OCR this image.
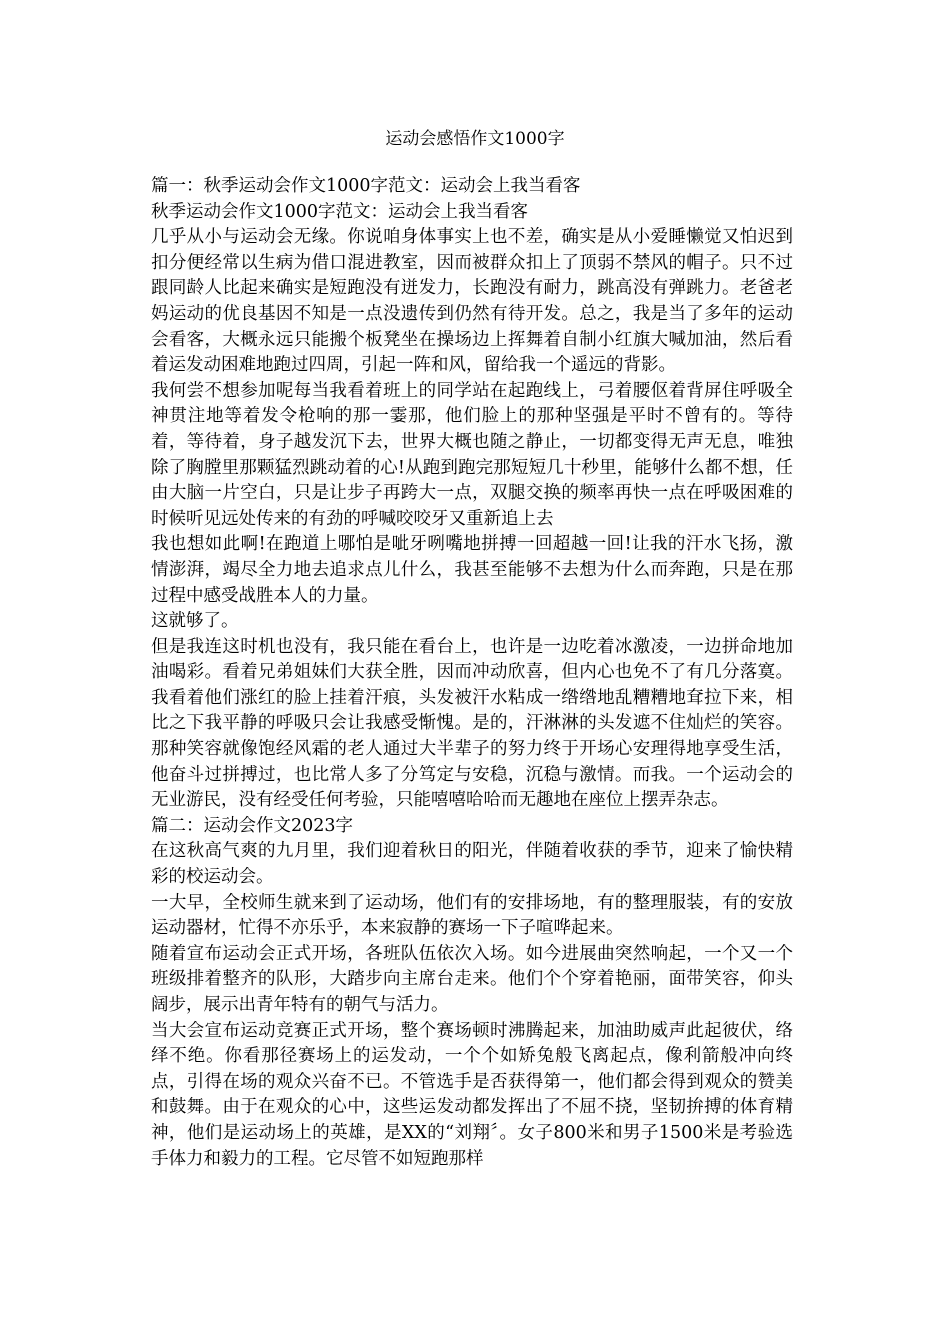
运动会感悟作文1000字

篇一：秋季运动会作文1000字范文：运动会上我当看客

秋季运动会作文1000字范文：运动会上我当看客

几乎从小与运动会无缘。你说咱身体事实上也不差，确实是从小爱睡懒觉又怕迟到扣分便经常以生病为借口混进教室，因而被群众扣上了顶弱不禁风的帽子。只不过跟同龄人比起来确实是短跑没有迸发力，长跑没有耐力，跳高没有弹跳力。老爸老妈运动的优良基因不知是一点没遗传到仍然有待开发。总之，我是当了多年的运动会看客，大概永远只能搬个板凳坐在操场边上挥舞着自制小红旗大喊加油，然后看着运发动困难地跑过四周，引起一阵和风，留给我一个遥远的背影。

我何尝不想参加呢每当我看着班上的同学站在起跑线上，弓着腰伛着背屏住呼吸全神贯注地等着发令枪响的那一霎那，他们脸上的那种坚强是平时不曾有的。等待着，等待着，身子越发沉下去，世界大概也随之静止，一切都变得无声无息，唯独除了胸膛里那颗猛烈跳动着的心!从跑到跑完那短短几十秒里，能够什么都不想，任由大脑一片空白，只是让步子再跨大一点，双腿交换的频率再快一点在呼吸困难的时候听见远处传来的有劲的呼喊咬咬牙又重新追上去

我也想如此啊!在跑道上哪怕是呲牙咧嘴地拼搏一回超越一回!让我的汗水飞扬，激情澎湃，竭尽全力地去追求点儿什么，我甚至能够不去想为什么而奔跑，只是在那过程中感受战胜本人的力量。

这就够了。

但是我连这时机也没有，我只能在看台上，也许是一边吃着冰激凌，一边拼命地加油喝彩。看着兄弟姐妹们大获全胜，因而冲动欣喜，但内心也免不了有几分落寞。我看着他们涨红的脸上挂着汗痕，头发被汗水粘成一绺绺地乱糟糟地耷拉下来，相比之下我平静的呼吸只会让我感受惭愧。是的，汗淋淋的头发遮不住灿烂的笑容。那种笑容就像饱经风霜的老人通过大半辈子的努力终于开场心安理得地享受生活，他奋斗过拼搏过，也比常人多了分笃定与安稳，沉稳与激情。而我。一个运动会的无业游民，没有经受任何考验，只能嘻嘻哈哈而无趣地在座位上摆弄杂志。

篇二：运动会作文2023字

在这秋高气爽的九月里，我们迎着秋日的阳光，伴随着收获的季节，迎来了愉快精彩的校运动会。

一大早，全校师生就来到了运动场，他们有的安排场地，有的整理服装，有的安放运动器材，忙得不亦乐乎，本来寂静的赛场一下子喧哗起来。

随着宣布运动会正式开场，各班队伍依次入场。如今进展曲突然响起，一个又一个班级排着整齐的队形，大踏步向主席台走来。他们个个穿着艳丽，面带笑容，仰头阔步，展示出青年特有的朝气与活力。

当大会宣布运动竞赛正式开场，整个赛场顿时沸腾起来，加油助威声此起彼伏，络绎不绝。你看那径赛场上的运发动，一个个如矫兔般飞离起点，像利箭般冲向终点，引得在场的观众兴奋不已。不管选手是否获得第一，他们都会得到观众的赞美和鼓舞。由于在观众的心中，这些运发动都发挥出了不屈不挠，坚韧拚搏的体育精神，他们是运动场上的英雄，是XX的“刘翔〞。女子800米和男子1500米是考验选手体力和毅力的工程。它尽管不如短跑那样
